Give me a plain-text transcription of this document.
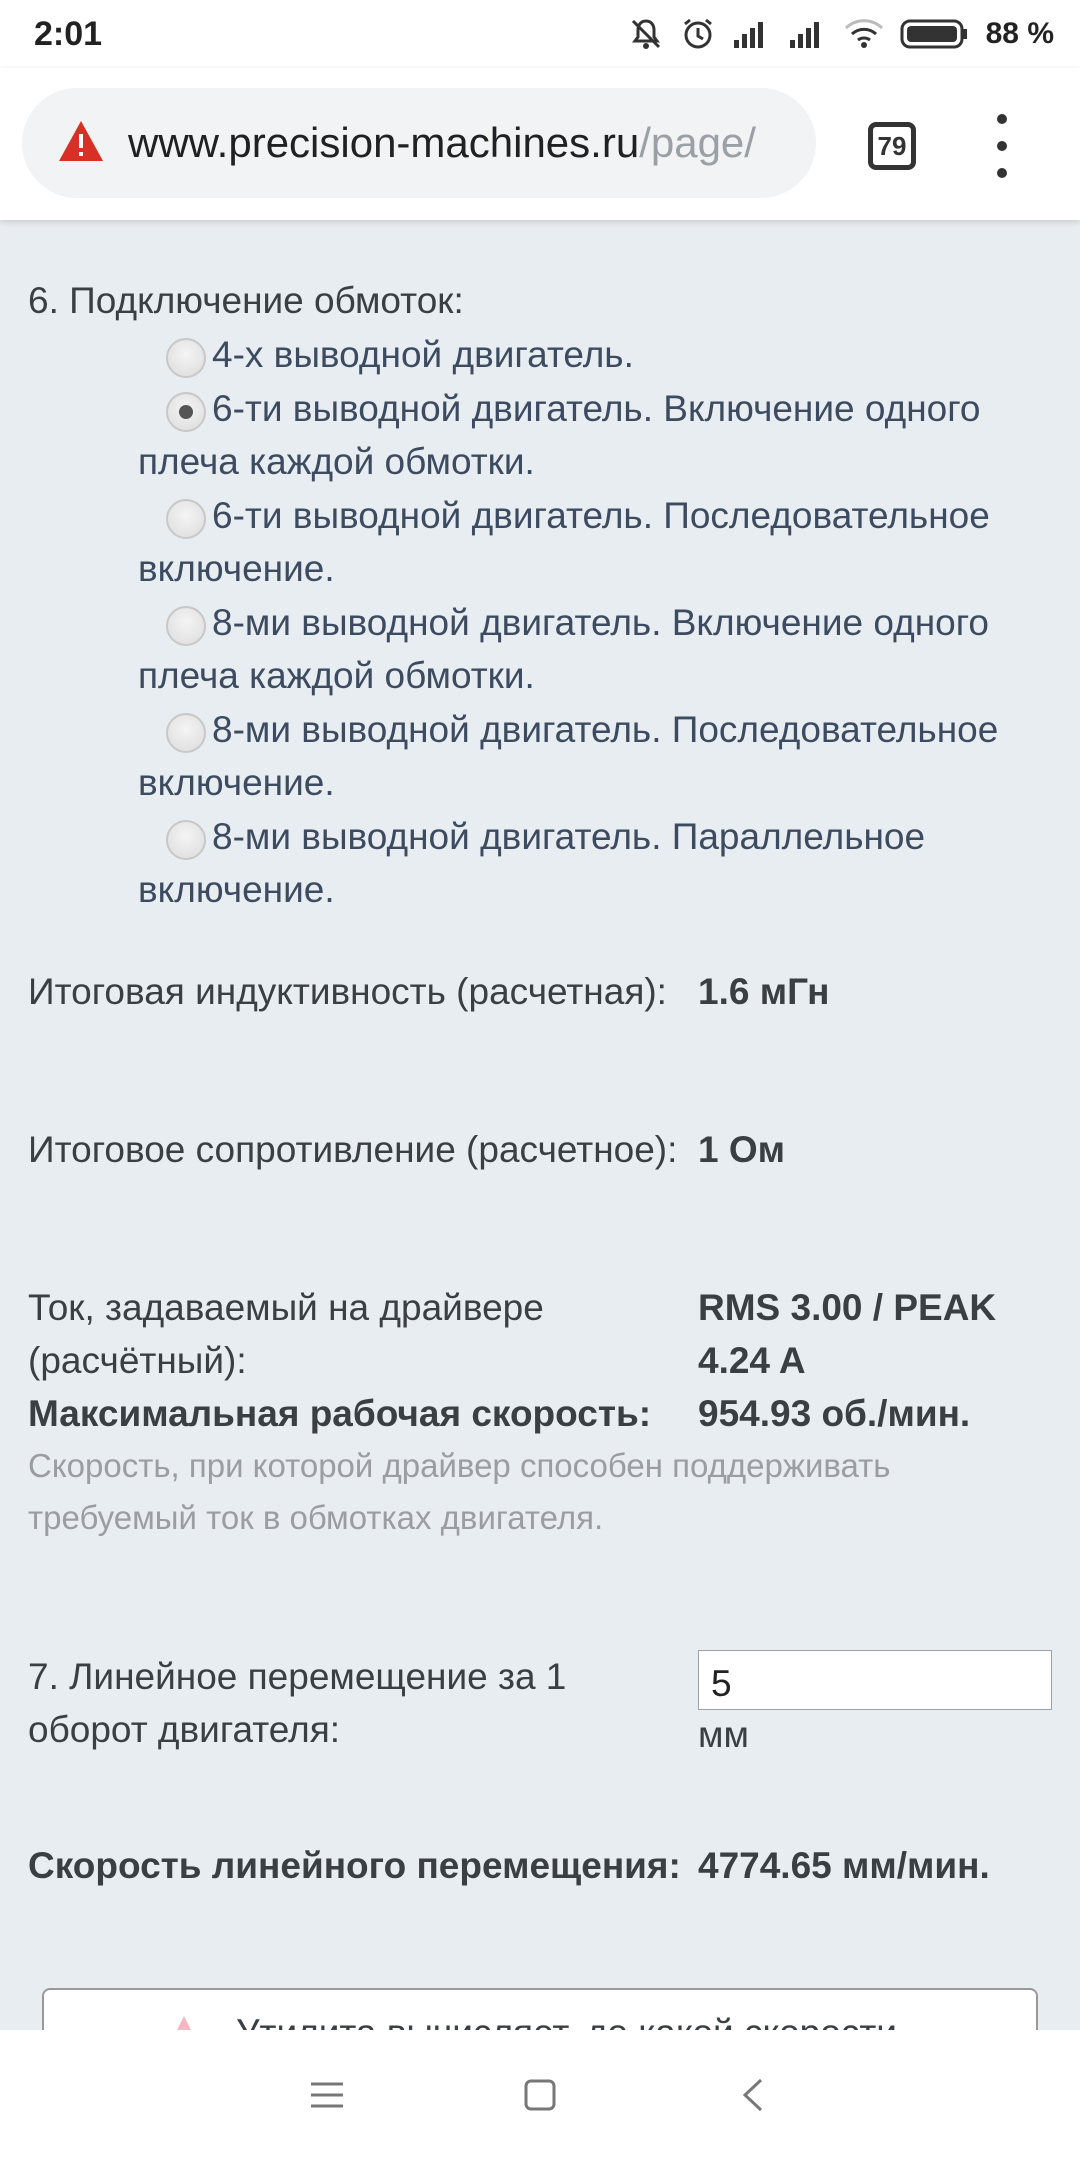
2:01	88 %
www.precision-machines.ru/page/	79
6. Подключение обмоток:
4-х выводной двигатель.
6-ти выводной двигатель. Включение одного плеча каждой обмотки.
6-ти выводной двигатель. Последовательное включение.
8-ми выводной двигатель. Включение одного плеча каждой обмотки.
8-ми выводной двигатель. Последовательное включение.
8-ми выводной двигатель. Параллельное включение.
Итоговая индуктивность (расчетная): 1.6 мГн
Итоговое сопротивление (расчетное): 1 Ом
Ток, задаваемый на драйвере (расчётный):
RMS 3.00 / PEAK 4.24 A
Максимальная рабочая скорость:	954.93 об./мин.
Скорость, при которой драйвер способен поддерживать требуемый ток в обмотках двигателя.
7. Линейное перемещение за 1 оборот двигателя:
5
мм
Скорость линейного перемещения: 4774.65 мм/мин.
